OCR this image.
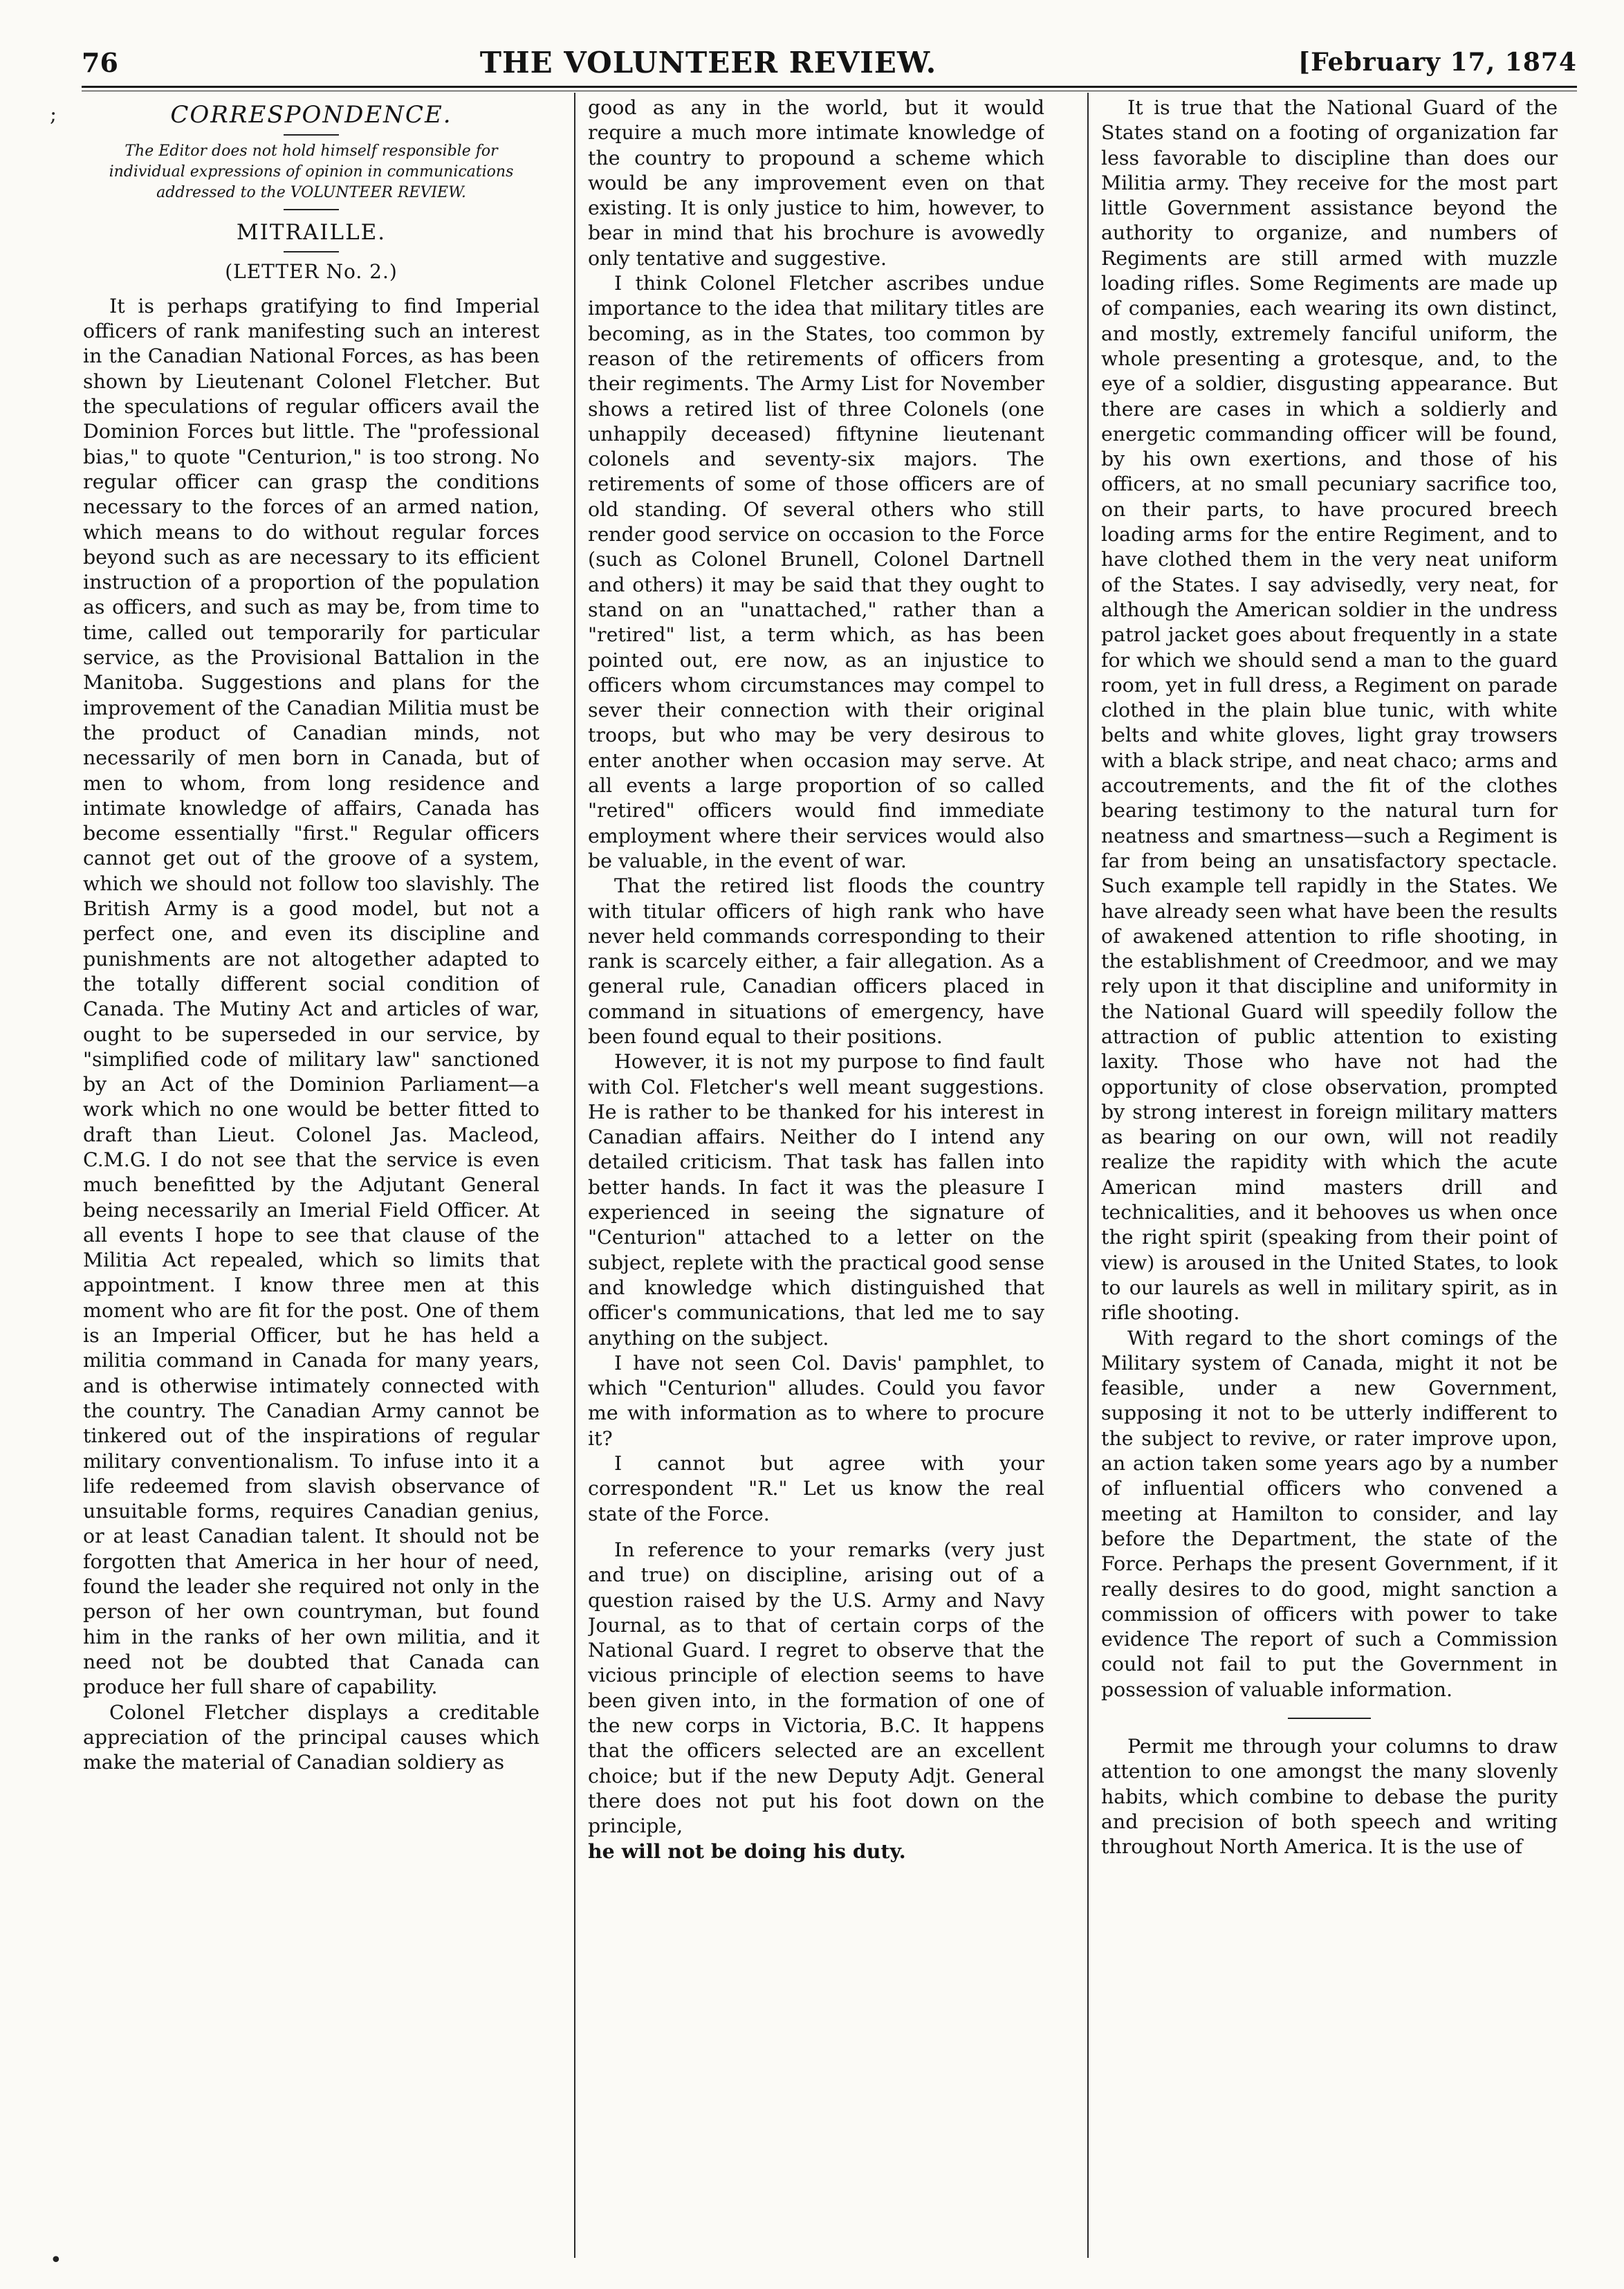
76	THE VOLUNTEER REVIEW.	[February 17, 1874
;
•
CORRESPONDENCE.
The Editor does not hold himself responsible for individual expressions of opinion in communications addressed to the VOLUNTEER REVIEW.
MITRAILLE.
(LETTER No. 2.)

It is perhaps gratifying to find Imperial officers of rank manifesting such an interest in the Canadian National Forces, as has been shown by Lieutenant Colonel Fletcher. But the speculations of regular officers avail the Dominion Forces but little. The "professional bias," to quote "Centurion," is too strong. No regular officer can grasp the conditions necessary to the forces of an armed nation, which means to do without regular forces beyond such as are necessary to its efficient instruction of a proportion of the population as officers, and such as may be, from time to time, called out temporarily for particular service, as the Provisional Battalion in the Manitoba. Suggestions and plans for the improvement of the Canadian Militia must be the product of Canadian minds, not necessarily of men born in Canada, but of men to whom, from long residence and intimate knowledge of affairs, Canada has become essentially "first." Regular officers cannot get out of the groove of a system, which we should not follow too slavishly. The British Army is a good model, but not a perfect one, and even its discipline and punishments are not altogether adapted to the totally different social condition of Canada. The Mutiny Act and articles of war, ought to be superseded in our service, by "simplified code of military law" sanctioned by an Act of the Dominion Parliament—a work which no one would be better fitted to draft than Lieut. Colonel Jas. Macleod, C.M.G. I do not see that the service is even much benefitted by the Adjutant General being necessarily an Imerial Field Officer. At all events I hope to see that clause of the Militia Act repealed, which so limits that appointment. I know three men at this moment who are fit for the post. One of them is an Imperial Officer, but he has held a militia command in Canada for many years, and is otherwise intimately connected with the country. The Canadian Army cannot be tinkered out of the inspirations of regular military conventionalism. To infuse into it a life redeemed from slavish observance of unsuitable forms, requires Canadian genius, or at least Canadian talent. It should not be forgotten that America in her hour of need, found the leader she required not only in the person of her own countryman, but found him in the ranks of her own militia, and it need not be doubted that Canada can produce her full share of capability.

Colonel Fletcher displays a creditable appreciation of the principal causes which make the material of Canadian soldiery as

good as any in the world, but it would require a much more intimate knowledge of the country to propound a scheme which would be any improvement even on that existing. It is only justice to him, however, to bear in mind that his brochure is avowedly only tentative and suggestive.

I think Colonel Fletcher ascribes undue importance to the idea that military titles are becoming, as in the States, too common by reason of the retirements of officers from their regiments. The Army List for November shows a retired list of three Colonels (one unhappily deceased) fiftynine lieutenant colonels and seventy-six majors. The retirements of some of those officers are of old standing. Of several others who still render good service on occasion to the Force (such as Colonel Brunell, Colonel Dartnell and others) it may be said that they ought to stand on an "unattached," rather than a "retired" list, a term which, as has been pointed out, ere now, as an injustice to officers whom circumstances may compel to sever their connection with their original troops, but who may be very desirous to enter another when occasion may serve. At all events a large proportion of so called "retired" officers would find immediate employment where their services would also be valuable, in the event of war.

That the retired list floods the country with titular officers of high rank who have never held commands corresponding to their rank is scarcely either, a fair allegation. As a general rule, Canadian officers placed in command in situations of emergency, have been found equal to their positions.

However, it is not my purpose to find fault with Col. Fletcher's well meant suggestions. He is rather to be thanked for his interest in Canadian affairs. Neither do I intend any detailed criticism. That task has fallen into better hands. In fact it was the pleasure I experienced in seeing the signature of "Centurion" attached to a letter on the subject, replete with the practical good sense and knowledge which distinguished that officer's communications, that led me to say anything on the subject.

I have not seen Col. Davis' pamphlet, to which "Centurion" alludes. Could you favor me with information as to where to procure it?

I cannot but agree with your correspondent "R." Let us know the real state of the Force.

In reference to your remarks (very just and true) on discipline, arising out of a question raised by the U.S. Army and Navy Journal, as to that of certain corps of the National Guard. I regret to observe that the vicious principle of election seems to have been given into, in the formation of one of the new corps in Victoria, B.C. It happens that the officers selected are an excellent choice; but if the new Deputy Adjt. General there does not put his foot down on the principle,

he will not be doing his duty.

It is true that the National Guard of the States stand on a footing of organization far less favorable to discipline than does our Militia army. They receive for the most part little Government assistance beyond the authority to organize, and numbers of Regiments are still armed with muzzle loading rifles. Some Regiments are made up of companies, each wearing its own distinct, and mostly, extremely fanciful uniform, the whole presenting a grotesque, and, to the eye of a soldier, disgusting appearance. But there are cases in which a soldierly and energetic commanding officer will be found, by his own exertions, and those of his officers, at no small pecuniary sacrifice too, on their parts, to have procured breech loading arms for the entire Regiment, and to have clothed them in the very neat uniform of the States. I say advisedly, very neat, for although the American soldier in the undress patrol jacket goes about frequently in a state for which we should send a man to the guard room, yet in full dress, a Regiment on parade clothed in the plain blue tunic, with white belts and white gloves, light gray trowsers with a black stripe, and neat chaco; arms and accoutrements, and the fit of the clothes bearing testimony to the natural turn for neatness and smartness—such a Regiment is far from being an unsatisfactory spectacle. Such example tell rapidly in the States. We have already seen what have been the results of awakened attention to rifle shooting, in the establishment of Creedmoor, and we may rely upon it that discipline and uniformity in the National Guard will speedily follow the attraction of public attention to existing laxity. Those who have not had the opportunity of close observation, prompted by strong interest in foreign military matters as bearing on our own, will not readily realize the rapidity with which the acute American mind masters drill and technicalities, and it behooves us when once the right spirit (speaking from their point of view) is aroused in the United States, to look to our laurels as well in military spirit, as in rifle shooting.

With regard to the short comings of the Military system of Canada, might it not be feasible, under a new Government, supposing it not to be utterly indifferent to the subject to revive, or rater improve upon, an action taken some years ago by a number of influential officers who convened a meeting at Hamilton to consider, and lay before the Department, the state of the Force. Perhaps the present Government, if it really desires to do good, might sanction a commission of officers with power to take evidence The report of such a Commission could not fail to put the Government in possession of valuable information.

Permit me through your columns to draw attention to one amongst the many slovenly habits, which combine to debase the purity and precision of both speech and writing throughout North America. It is the use of
